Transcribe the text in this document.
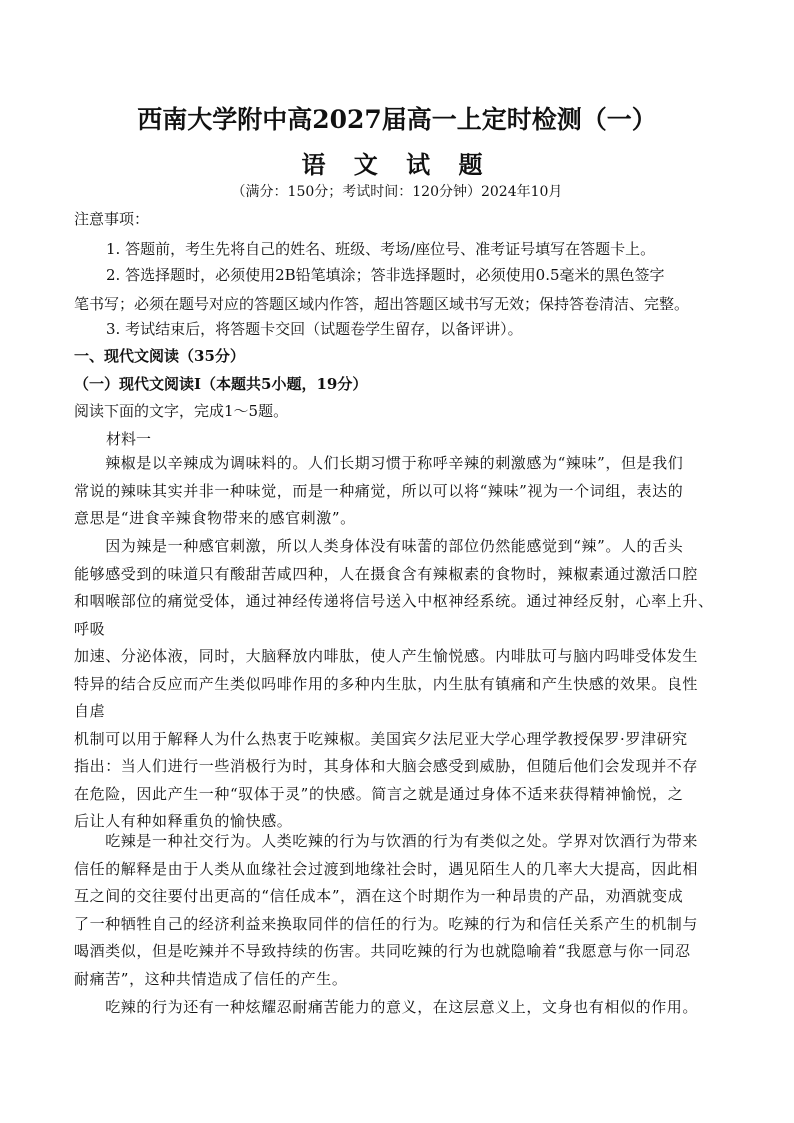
西南大学附中高2027届高一上定时检测（一）
语 文 试 题
（满分：150分；考试时间：120分钟）2024年10月
注意事项：
1. 答题前，考生先将自己的姓名、班级、考场/座位号、准考证号填写在答题卡上。
2. 答选择题时，必须使用2B铅笔填涂；答非选择题时，必须使用0.5毫米的黑色签字
笔书写；必须在题号对应的答题区域内作答，超出答题区域书写无效；保持答卷清洁、完整。
3. 考试结束后，将答题卡交回（试题卷学生留存，以备评讲）。
一、现代文阅读（35分）
（一）现代文阅读Ⅰ（本题共5小题，19分）
阅读下面的文字，完成1～5题。
材料一
　　辣椒是以辛辣成为调味料的。人们长期习惯于称呼辛辣的刺激感为“辣味”，但是我们
常说的辣味其实并非一种味觉，而是一种痛觉，所以可以将“辣味”视为一个词组，表达的
意思是“进食辛辣食物带来的感官刺激”。
　　因为辣是一种感官刺激，所以人类身体没有味蕾的部位仍然能感觉到“辣”。人的舌头
能够感受到的味道只有酸甜苦咸四种，人在摄食含有辣椒素的食物时，辣椒素通过激活口腔
和咽喉部位的痛觉受体，通过神经传递将信号送入中枢神经系统。通过神经反射，心率上升、
呼吸
加速、分泌体液，同时，大脑释放内啡肽，使人产生愉悦感。内啡肽可与脑内吗啡受体发生
特异的结合反应而产生类似吗啡作用的多种内生肽，内生肽有镇痛和产生快感的效果。良性
自虐
机制可以用于解释人为什么热衷于吃辣椒。美国宾夕法尼亚大学心理学教授保罗·罗津研究
指出：当人们进行一些消极行为时，其身体和大脑会感受到威胁，但随后他们会发现并不存
在危险，因此产生一种“驭体于灵”的快感。简言之就是通过身体不适来获得精神愉悦，之
后让人有种如释重负的愉快感。
　　吃辣是一种社交行为。人类吃辣的行为与饮酒的行为有类似之处。学界对饮酒行为带来
信任的解释是由于人类从血缘社会过渡到地缘社会时，遇见陌生人的几率大大提高，因此相
互之间的交往要付出更高的“信任成本”，酒在这个时期作为一种昂贵的产品，劝酒就变成
了一种牺牲自己的经济利益来换取同伴的信任的行为。吃辣的行为和信任关系产生的机制与
喝酒类似，但是吃辣并不导致持续的伤害。共同吃辣的行为也就隐喻着“我愿意与你一同忍
耐痛苦”，这种共情造成了信任的产生。
　　吃辣的行为还有一种炫耀忍耐痛苦能力的意义，在这层意义上，文身也有相似的作用。
